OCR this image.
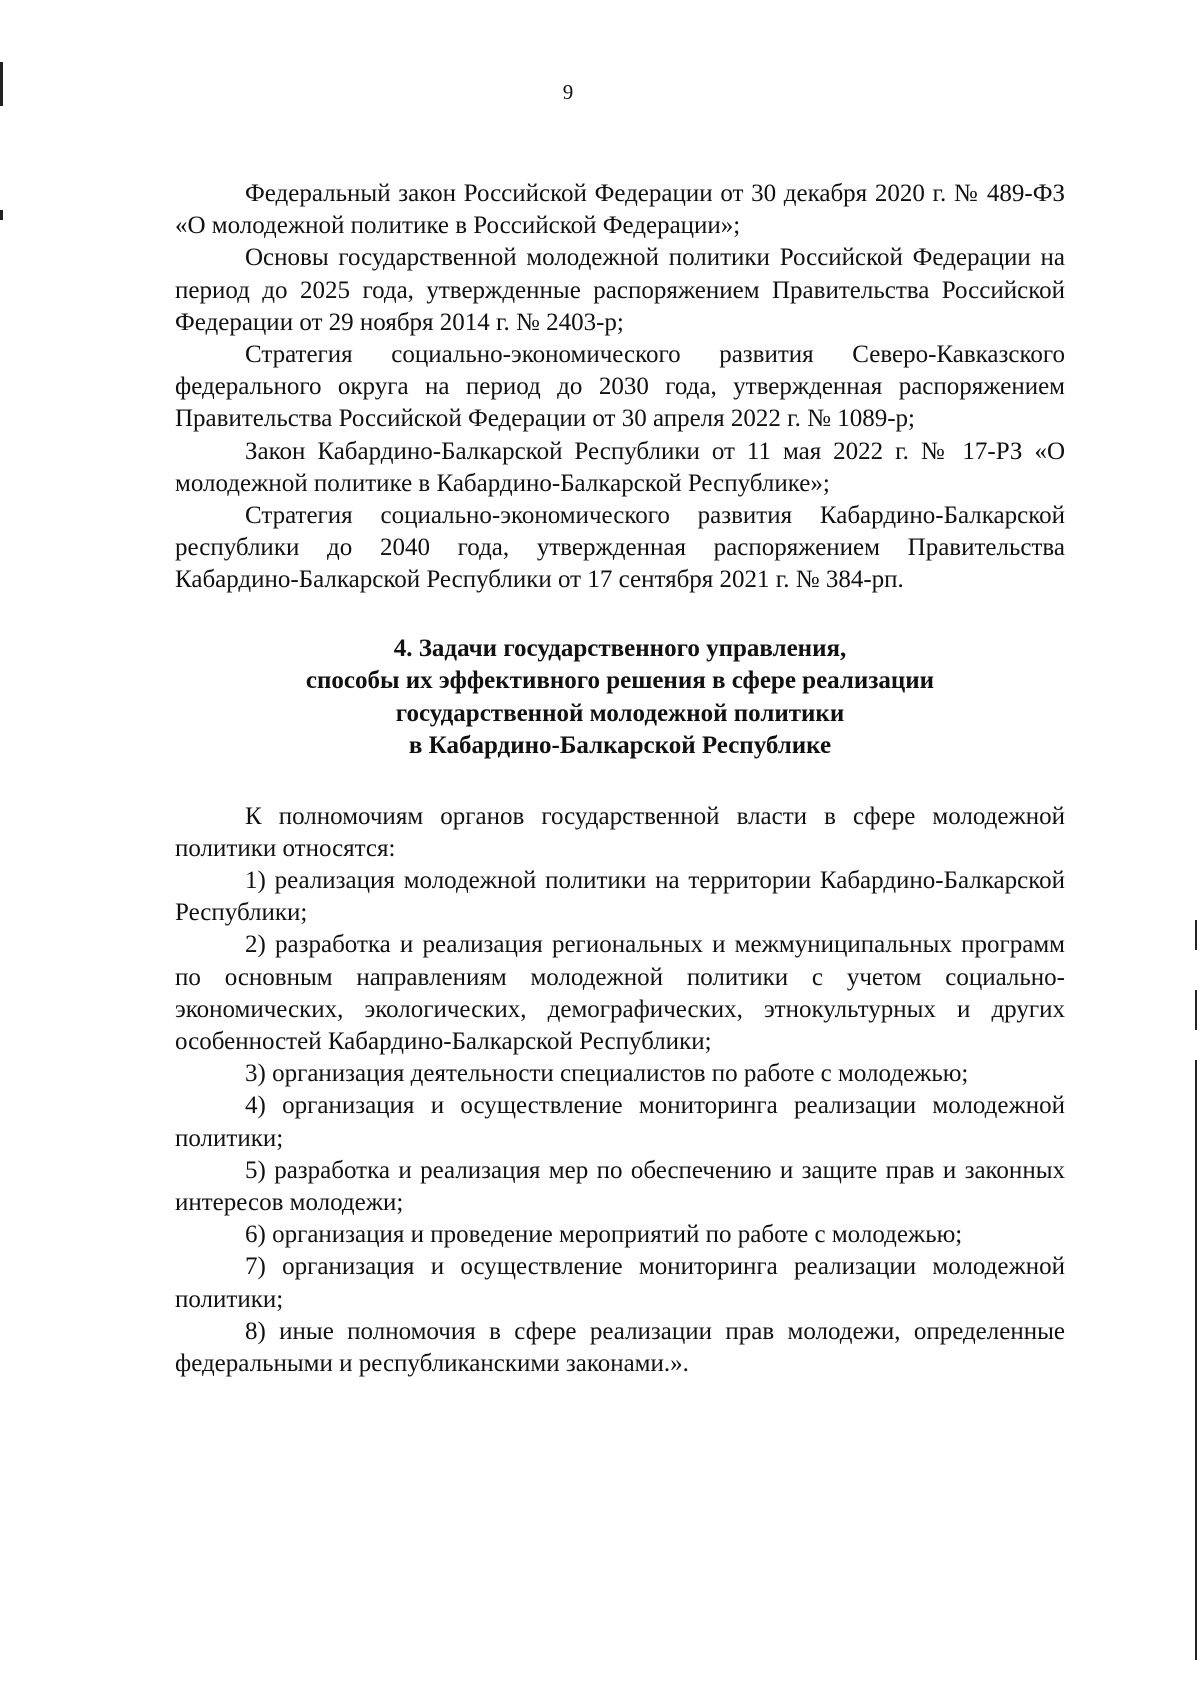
9

Федеральный закон Российской Федерации от 30 декабря 2020 г. № 489-ФЗ «О молодежной политике в Российской Федерации»;

Основы государственной молодежной политики Российской Федерации на период до 2025 года, утвержденные распоряжением Правительства Российской Федерации от 29 ноября 2014 г. № 2403-р;

Стратегия социально-экономического развития Северо-Кавказского федерального округа на период до 2030 года, утвержденная распоряжением Правительства Российской Федерации от 30 апреля 2022 г. № 1089-р;

Закон Кабардино-Балкарской Республики от 11 мая 2022 г. № 17-РЗ «О молодежной политике в Кабардино-Балкарской Республике»;

Стратегия социально-экономического развития Кабардино-Балкарской республики до 2040 года, утвержденная распоряжением Правительства Кабардино-Балкарской Республики от 17 сентября 2021 г. № 384-рп.

4. Задачи государственного управления,
способы их эффективного решения в сфере реализации
государственной молодежной политики
в Кабардино-Балкарской Республике

К полномочиям органов государственной власти в сфере молодежной политики относятся:

1) реализация молодежной политики на территории Кабардино-Балкарской Республики;

2) разработка и реализация региональных и межмуниципальных программ по основным направлениям молодежной политики с учетом социально-экономических, экологических, демографических, этнокультурных и других особенностей Кабардино-Балкарской Республики;

3) организация деятельности специалистов по работе с молодежью;

4) организация и осуществление мониторинга реализации молодежной политики;

5) разработка и реализация мер по обеспечению и защите прав и законных интересов молодежи;

6) организация и проведение мероприятий по работе с молодежью;

7) организация и осуществление мониторинга реализации молодежной политики;

8) иные полномочия в сфере реализации прав молодежи, определенные федеральными и республиканскими законами.».
